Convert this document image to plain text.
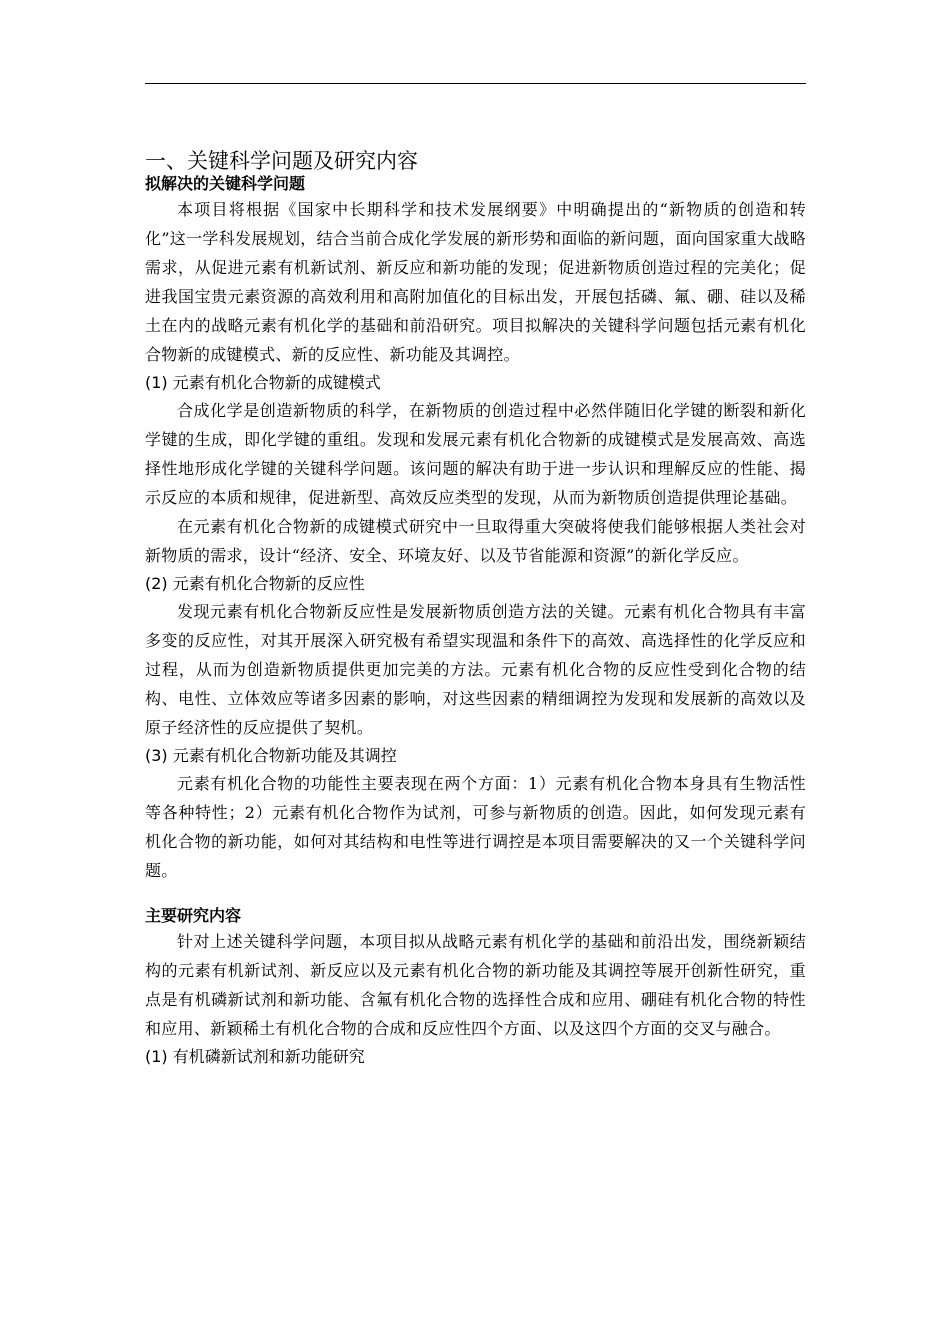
一、关键科学问题及研究内容
拟解决的关键科学问题

本项目将根据《国家中长期科学和技术发展纲要》中明确提出的“新物质的创造和转化”这一学科发展规划，结合当前合成化学发展的新形势和面临的新问题，面向国家重大战略需求，从促进元素有机新试剂、新反应和新功能的发现；促进新物质创造过程的完美化；促进我国宝贵元素资源的高效利用和高附加值化的目标出发，开展包括磷、氟、硼、硅以及稀土在内的战略元素有机化学的基础和前沿研究。项目拟解决的关键科学问题包括元素有机化合物新的成键模式、新的反应性、新功能及其调控。

(1) 元素有机化合物新的成键模式

合成化学是创造新物质的科学，在新物质的创造过程中必然伴随旧化学键的断裂和新化学键的生成，即化学键的重组。发现和发展元素有机化合物新的成键模式是发展高效、高选择性地形成化学键的关键科学问题。该问题的解决有助于进一步认识和理解反应的性能、揭示反应的本质和规律，促进新型、高效反应类型的发现，从而为新物质创造提供理论基础。

在元素有机化合物新的成键模式研究中一旦取得重大突破将使我们能够根据人类社会对新物质的需求，设计“经济、安全、环境友好、以及节省能源和资源”的新化学反应。

(2) 元素有机化合物新的反应性

发现元素有机化合物新反应性是发展新物质创造方法的关键。元素有机化合物具有丰富多变的反应性，对其开展深入研究极有希望实现温和条件下的高效、高选择性的化学反应和过程，从而为创造新物质提供更加完美的方法。元素有机化合物的反应性受到化合物的结构、电性、立体效应等诸多因素的影响，对这些因素的精细调控为发现和发展新的高效以及原子经济性的反应提供了契机。

(3) 元素有机化合物新功能及其调控

元素有机化合物的功能性主要表现在两个方面：1）元素有机化合物本身具有生物活性等各种特性；2）元素有机化合物作为试剂，可参与新物质的创造。因此，如何发现元素有机化合物的新功能，如何对其结构和电性等进行调控是本项目需要解决的又一个关键科学问题。

主要研究内容

针对上述关键科学问题，本项目拟从战略元素有机化学的基础和前沿出发，围绕新颖结构的元素有机新试剂、新反应以及元素有机化合物的新功能及其调控等展开创新性研究，重点是有机磷新试剂和新功能、含氟有机化合物的选择性合成和应用、硼硅有机化合物的特性和应用、新颖稀土有机化合物的合成和反应性四个方面、以及这四个方面的交叉与融合。

(1) 有机磷新试剂和新功能研究
